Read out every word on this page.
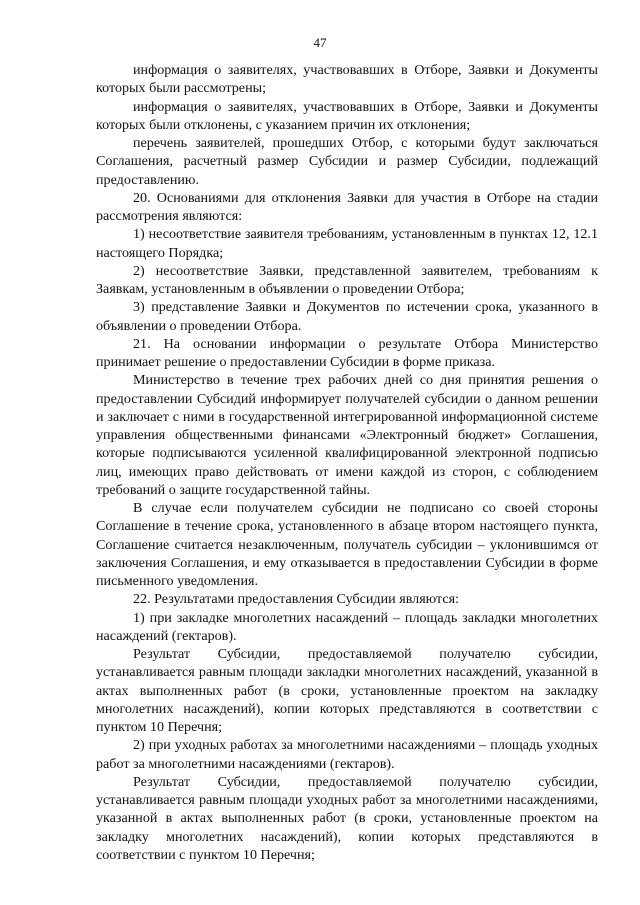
47

информация о заявителях, участвовавших в Отборе, Заявки и Документы которых были рассмотрены;

информация о заявителях, участвовавших в Отборе, Заявки и Документы которых были отклонены, с указанием причин их отклонения;

перечень заявителей, прошедших Отбор, с которыми будут заключаться Соглашения, расчетный размер Субсидии и размер Субсидии, подлежащий предоставлению.

20. Основаниями для отклонения Заявки для участия в Отборе на стадии рассмотрения являются:

1) несоответствие заявителя требованиям, установленным в пунктах 12, 12.1 настоящего Порядка;

2) несоответствие Заявки, представленной заявителем, требованиям к Заявкам, установленным в объявлении о проведении Отбора;

3) представление Заявки и Документов по истечении срока, указанного в объявлении о проведении Отбора.

21. На основании информации о результате Отбора Министерство принимает решение о предоставлении Субсидии в форме приказа.

Министерство в течение трех рабочих дней со дня принятия решения о предоставлении Субсидий информирует получателей субсидии о данном решении и заключает с ними в государственной интегрированной информационной системе управления общественными финансами «Электронный бюджет» Соглашения, которые подписываются усиленной квалифицированной электронной подписью лиц, имеющих право действовать от имени каждой из сторон, с соблюдением требований о защите государственной тайны.

В случае если получателем субсидии не подписано со своей стороны Соглашение в течение срока, установленного в абзаце втором настоящего пункта, Соглашение считается незаключенным, получатель субсидии – уклонившимся от заключения Соглашения, и ему отказывается в предоставлении Субсидии в форме письменного уведомления.

22. Результатами предоставления Субсидии являются:

1) при закладке многолетних насаждений – площадь закладки многолетних насаждений (гектаров).

Результат Субсидии, предоставляемой получателю субсидии, устанавливается равным площади закладки многолетних насаждений, указанной в актах выполненных работ (в сроки, установленные проектом на закладку многолетних насаждений), копии которых представляются в соответствии с пунктом 10 Перечня;

2) при уходных работах за многолетними насаждениями – площадь уходных работ за многолетними насаждениями (гектаров).

Результат Субсидии, предоставляемой получателю субсидии, устанавливается равным площади уходных работ за многолетними насаждениями, указанной в актах выполненных работ (в сроки, установленные проектом на закладку многолетних насаждений), копии которых представляются в соответствии с пунктом 10 Перечня;
